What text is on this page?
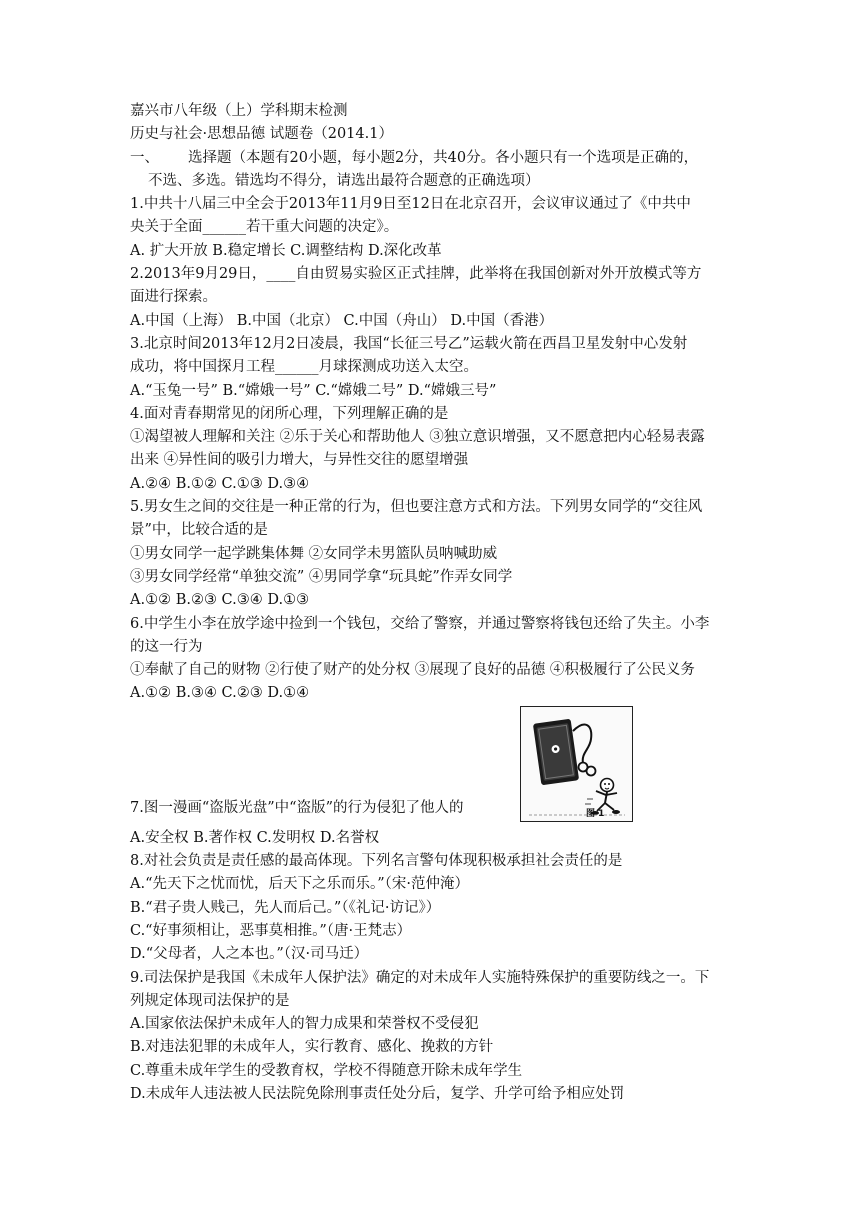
嘉兴市八年级（上）学科期末检测
历史与社会·思想品德 试题卷（2014.1）
一、	选择题（本题有20小题，每小题2分，共40分。各小题只有一个选项是正确的，
不选、多选。错选均不得分，请选出最符合题意的正确选项）
1.中共十八届三中全会于2013年11月9日至12日在北京召开，会议审议通过了《中共中
央关于全面______若干重大问题的决定》。
A. 扩大开放 B.稳定增长 C.调整结构 D.深化改革
2.2013年9月29日，____自由贸易实验区正式挂牌，此举将在我国创新对外开放模式等方
面进行探索。
A.中国（上海） B.中国（北京） C.中国（舟山） D.中国（香港）
3.北京时间2013年12月2日凌晨，我国“长征三号乙”运载火箭在西昌卫星发射中心发射
成功，将中国探月工程______月球探测成功送入太空。
A.“玉兔一号” B.“嫦娥一号” C.“嫦娥二号” D.“嫦娥三号”
4.面对青春期常见的闭所心理，下列理解正确的是
①渴望被人理解和关注 ②乐于关心和帮助他人 ③独立意识增强，又不愿意把内心轻易表露
出来 ④异性间的吸引力增大，与异性交往的愿望增强
A.②④ B.①② C.①③ D.③④
5.男女生之间的交往是一种正常的行为，但也要注意方式和方法。下列男女同学的“交往风
景”中，比较合适的是
①男女同学一起学跳集体舞 ②女同学未男篮队员呐喊助威
③男女同学经常“单独交流” ④男同学拿“玩具蛇”作弄女同学
A.①② B.②③ C.③④ D.①③
6.中学生小李在放学途中捡到一个钱包，交给了警察，并通过警察将钱包还给了失主。小李
的这一行为
①奉献了自己的财物 ②行使了财产的处分权 ③展现了良好的品德 ④积极履行了公民义务
A.①② B.③④ C.②③ D.①④
图 1
7.图一漫画“盗版光盘”中“盗版”的行为侵犯了他人的
A.安全权 B.著作权 C.发明权 D.名誉权
8.对社会负责是责任感的最高体现。下列名言警句体现积极承担社会责任的是
A.“先天下之忧而忧，后天下之乐而乐。”（宋·范仲淹）
B.“君子贵人贱己，先人而后己。”（《礼记·访记》）
C.“好事须相让，恶事莫相推。”（唐·王梵志）
D.“父母者，人之本也。”（汉·司马迁）
9.司法保护是我国《未成年人保护法》确定的对未成年人实施特殊保护的重要防线之一。下
列规定体现司法保护的是
A.国家依法保护未成年人的智力成果和荣誉权不受侵犯
B.对违法犯罪的未成年人，实行教育、感化、挽救的方针
C.尊重未成年学生的受教育权，学校不得随意开除未成年学生
D.未成年人违法被人民法院免除刑事责任处分后，复学、升学可给予相应处罚
